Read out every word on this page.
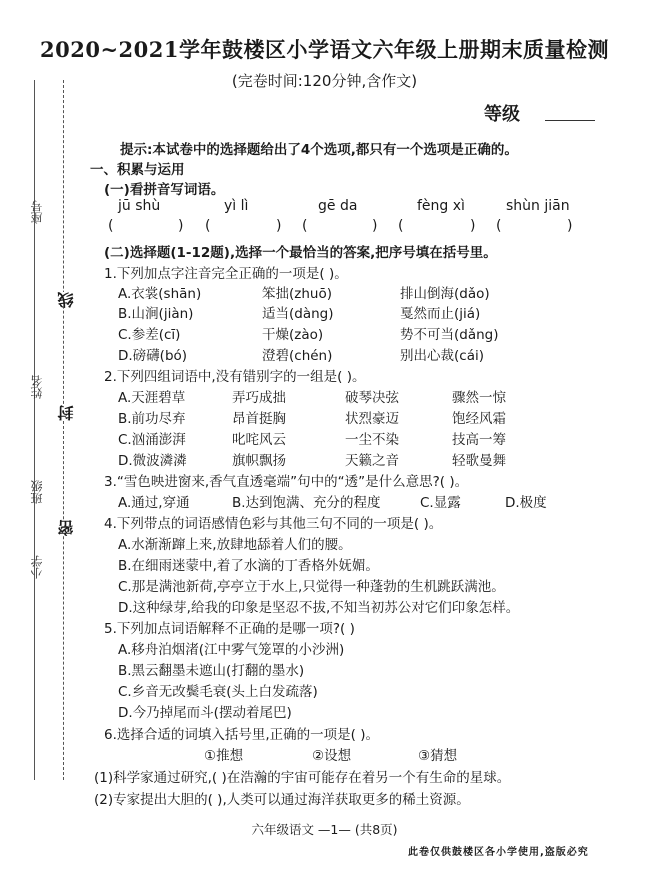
座号
姓名
班级
小学
线
封
密
2020~2021学年鼓楼区小学语文六年级上册期末质量检测
(完卷时间:120分钟,含作文)
等级
提示:本试卷中的选择题给出了4个选项,都只有一个选项是正确的。
一、积累与运用
(一)看拼音写词语。
jū shù	yì lì	gē da	fèng xì	shùn jiān
(	) (	) (	) (	) (	)
(二)选择题(1-12题),选择一个最恰当的答案,把序号填在括号里。
1.下列加点字注音完全正确的一项是( )。
A.衣裳(shān)	笨拙(zhuō)	排山倒海(dǎo)
B.山涧(jiàn)	适当(dàng)	戛然而止(jiá)
C.参差(cī)	干燥(zào)	势不可当(dǎng)
D.磅礴(bó)	澄碧(chén)	别出心裁(cái)
2.下列四组词语中,没有错别字的一组是( )。
A.天涯碧草	弄巧成拙	破琴决弦	骤然一惊
B.前功尽弃	昂首挺胸	状烈豪迈	饱经风霜
C.汹涌澎湃	叱咤风云	一尘不染	技高一筹
D.微波潾潾	旗帜飘扬	天籁之音	轻歌曼舞
3.“雪色映进窗来,香气直透毫端”句中的“透”是什么意思?( )。
A.通过,穿通	B.达到饱满、充分的程度	C.显露	D.极度
4.下列带点的词语感情色彩与其他三句不同的一项是( )。
A.水渐渐蹿上来,放肆地舔着人们的腰。
B.在细雨迷蒙中,着了水滴的丁香格外妩媚。
C.那是满池新荷,亭亭立于水上,只觉得一种蓬勃的生机跳跃满池。
D.这种绿芽,给我的印象是坚忍不拔,不知当初苏公对它们印象怎样。
5.下列加点词语解释不正确的是哪一项?( )
A.移舟泊烟渚(江中雾气笼罩的小沙洲)
B.黑云翻墨未遮山(打翻的墨水)
C.乡音无改鬓毛衰(头上白发疏落)
D.今乃掉尾而斗(摆动着尾巴)
6.选择合适的词填入括号里,正确的一项是( )。
①推想	②设想	③猜想
(1)科学家通过研究,( )在浩瀚的宇宙可能存在着另一个有生命的星球。
(2)专家提出大胆的( ),人类可以通过海洋获取更多的稀土资源。
六年级语文 —1— (共8页)
此卷仅供鼓楼区各小学使用,盗版必究
